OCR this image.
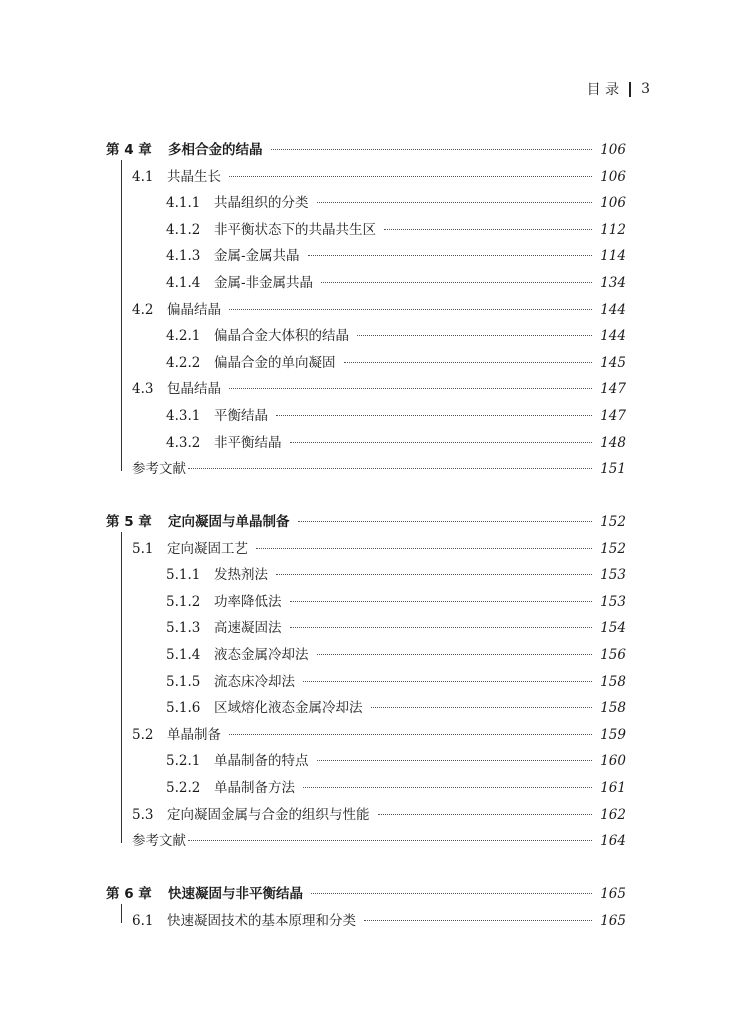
目 录 3
第 4 章	多相合金的结晶	106
4.1	共晶生长	106
4.1.1	共晶组织的分类	106
4.1.2	非平衡状态下的共晶共生区	112
4.1.3	金属-金属共晶	114
4.1.4	金属-非金属共晶	134
4.2	偏晶结晶	144
4.2.1	偏晶合金大体积的结晶	144
4.2.2	偏晶合金的单向凝固	145
4.3	包晶结晶	147
4.3.1	平衡结晶	147
4.3.2	非平衡结晶	148
参考文献	151
第 5 章	定向凝固与单晶制备	152
5.1	定向凝固工艺	152
5.1.1	发热剂法	153
5.1.2	功率降低法	153
5.1.3	高速凝固法	154
5.1.4	液态金属冷却法	156
5.1.5	流态床冷却法	158
5.1.6	区域熔化液态金属冷却法	158
5.2	单晶制备	159
5.2.1	单晶制备的特点	160
5.2.2	单晶制备方法	161
5.3	定向凝固金属与合金的组织与性能	162
参考文献	164
第 6 章	快速凝固与非平衡结晶	165
6.1	快速凝固技术的基本原理和分类	165
